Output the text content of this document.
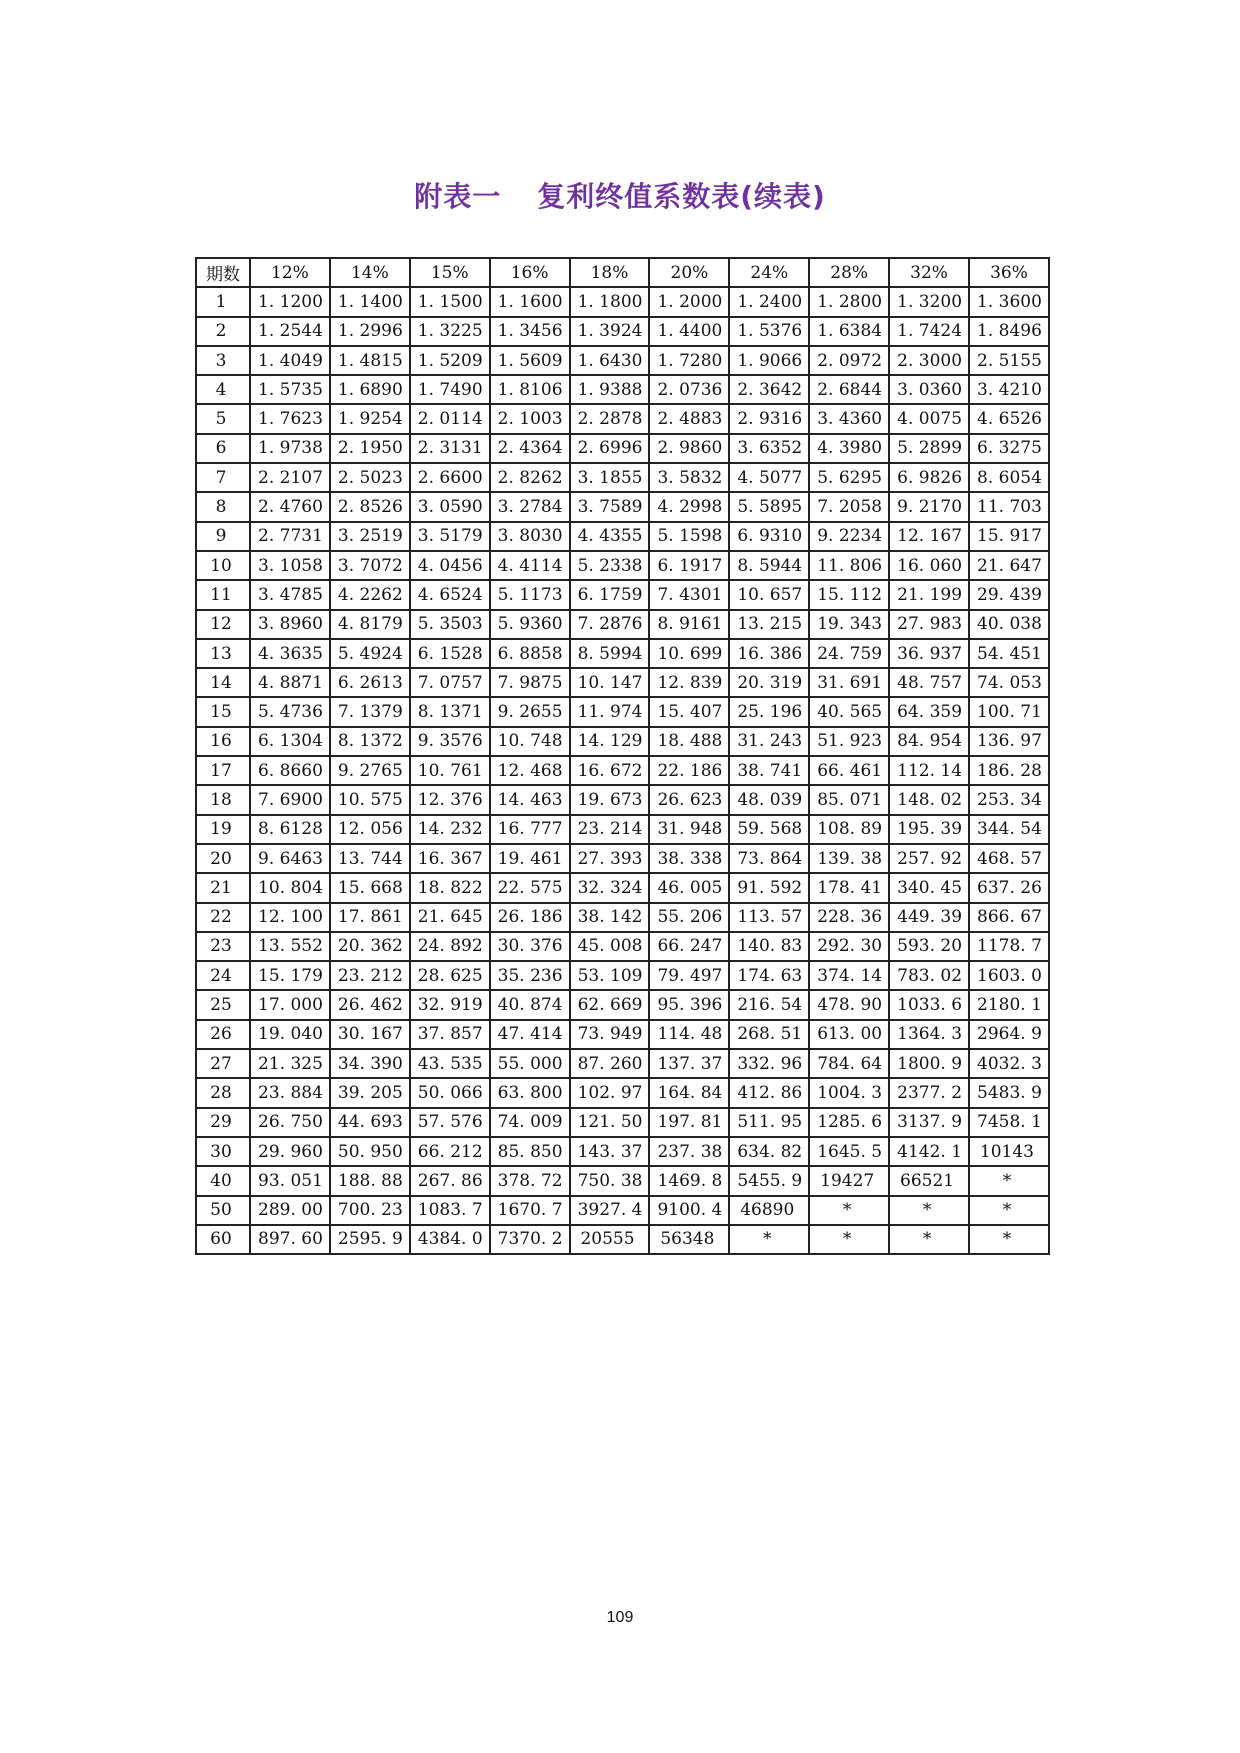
附表一 复利终值系数表(续表)
期数	12%	14%	15%	16%	18%	20%	24%	28%	32%	36%
1	1. 1200	1. 1400	1. 1500	1. 1600	1. 1800	1. 2000	1. 2400	1. 2800	1. 3200	1. 3600
2	1. 2544	1. 2996	1. 3225	1. 3456	1. 3924	1. 4400	1. 5376	1. 6384	1. 7424	1. 8496
3	1. 4049	1. 4815	1. 5209	1. 5609	1. 6430	1. 7280	1. 9066	2. 0972	2. 3000	2. 5155
4	1. 5735	1. 6890	1. 7490	1. 8106	1. 9388	2. 0736	2. 3642	2. 6844	3. 0360	3. 4210
5	1. 7623	1. 9254	2. 0114	2. 1003	2. 2878	2. 4883	2. 9316	3. 4360	4. 0075	4. 6526
6	1. 9738	2. 1950	2. 3131	2. 4364	2. 6996	2. 9860	3. 6352	4. 3980	5. 2899	6. 3275
7	2. 2107	2. 5023	2. 6600	2. 8262	3. 1855	3. 5832	4. 5077	5. 6295	6. 9826	8. 6054
8	2. 4760	2. 8526	3. 0590	3. 2784	3. 7589	4. 2998	5. 5895	7. 2058	9. 2170	11. 703
9	2. 7731	3. 2519	3. 5179	3. 8030	4. 4355	5. 1598	6. 9310	9. 2234	12. 167	15. 917
10	3. 1058	3. 7072	4. 0456	4. 4114	5. 2338	6. 1917	8. 5944	11. 806	16. 060	21. 647
11	3. 4785	4. 2262	4. 6524	5. 1173	6. 1759	7. 4301	10. 657	15. 112	21. 199	29. 439
12	3. 8960	4. 8179	5. 3503	5. 9360	7. 2876	8. 9161	13. 215	19. 343	27. 983	40. 038
13	4. 3635	5. 4924	6. 1528	6. 8858	8. 5994	10. 699	16. 386	24. 759	36. 937	54. 451
14	4. 8871	6. 2613	7. 0757	7. 9875	10. 147	12. 839	20. 319	31. 691	48. 757	74. 053
15	5. 4736	7. 1379	8. 1371	9. 2655	11. 974	15. 407	25. 196	40. 565	64. 359	100. 71
16	6. 1304	8. 1372	9. 3576	10. 748	14. 129	18. 488	31. 243	51. 923	84. 954	136. 97
17	6. 8660	9. 2765	10. 761	12. 468	16. 672	22. 186	38. 741	66. 461	112. 14	186. 28
18	7. 6900	10. 575	12. 376	14. 463	19. 673	26. 623	48. 039	85. 071	148. 02	253. 34
19	8. 6128	12. 056	14. 232	16. 777	23. 214	31. 948	59. 568	108. 89	195. 39	344. 54
20	9. 6463	13. 744	16. 367	19. 461	27. 393	38. 338	73. 864	139. 38	257. 92	468. 57
21	10. 804	15. 668	18. 822	22. 575	32. 324	46. 005	91. 592	178. 41	340. 45	637. 26
22	12. 100	17. 861	21. 645	26. 186	38. 142	55. 206	113. 57	228. 36	449. 39	866. 67
23	13. 552	20. 362	24. 892	30. 376	45. 008	66. 247	140. 83	292. 30	593. 20	1178. 7
24	15. 179	23. 212	28. 625	35. 236	53. 109	79. 497	174. 63	374. 14	783. 02	1603. 0
25	17. 000	26. 462	32. 919	40. 874	62. 669	95. 396	216. 54	478. 90	1033. 6	2180. 1
26	19. 040	30. 167	37. 857	47. 414	73. 949	114. 48	268. 51	613. 00	1364. 3	2964. 9
27	21. 325	34. 390	43. 535	55. 000	87. 260	137. 37	332. 96	784. 64	1800. 9	4032. 3
28	23. 884	39. 205	50. 066	63. 800	102. 97	164. 84	412. 86	1004. 3	2377. 2	5483. 9
29	26. 750	44. 693	57. 576	74. 009	121. 50	197. 81	511. 95	1285. 6	3137. 9	7458. 1
30	29. 960	50. 950	66. 212	85. 850	143. 37	237. 38	634. 82	1645. 5	4142. 1	10143
40	93. 051	188. 88	267. 86	378. 72	750. 38	1469. 8	5455. 9	19427	66521	*
50	289. 00	700. 23	1083. 7	1670. 7	3927. 4	9100. 4	46890	*	*	*
60	897. 60	2595. 9	4384. 0	7370. 2	20555	56348	*	*	*	*
109
